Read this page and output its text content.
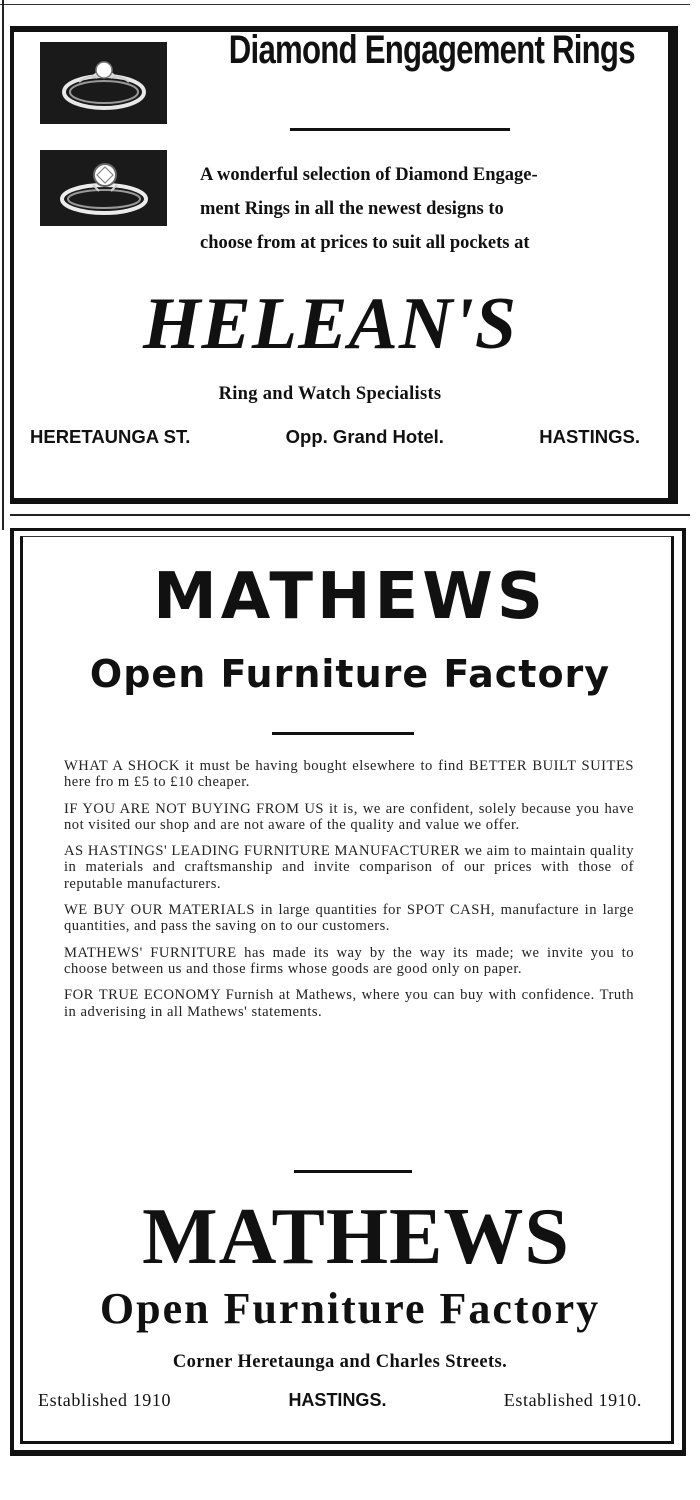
Diamond Engagement Rings
A wonderful selection of Diamond Engage-
ment Rings in all the newest designs to
choose from at prices to suit all pockets at
HELEAN'S
Ring and Watch Specialists
HERETAUNGA ST.	Opp. Grand Hotel.	HASTINGS.
MATHEWS
Open Furniture Factory

WHAT A SHOCK it must be having bought elsewhere to find BETTER BUILT SUITES here fro m £5 to £10 cheaper.

IF YOU ARE NOT BUYING FROM US it is, we are confident, solely because you have not visited our shop and are not aware of the quality and value we offer.

AS HASTINGS' LEADING FURNITURE MANUFACTURER we aim to maintain quality in materials and craftsmanship and invite comparison of our prices with those of reputable manufacturers.

WE BUY OUR MATERIALS in large quantities for SPOT CASH, manufacture in large quantities, and pass the saving on to our customers.

MATHEWS' FURNITURE has made its way by the way its made; we invite you to choose between us and those firms whose goods are good only on paper.

FOR TRUE ECONOMY Furnish at Mathews, where you can buy with confidence. Truth in adverising in all Mathews' statements.

MATHEWS
Open Furniture Factory
Corner Heretaunga and Charles Streets.
Established 1910	HASTINGS.	Established 1910.
